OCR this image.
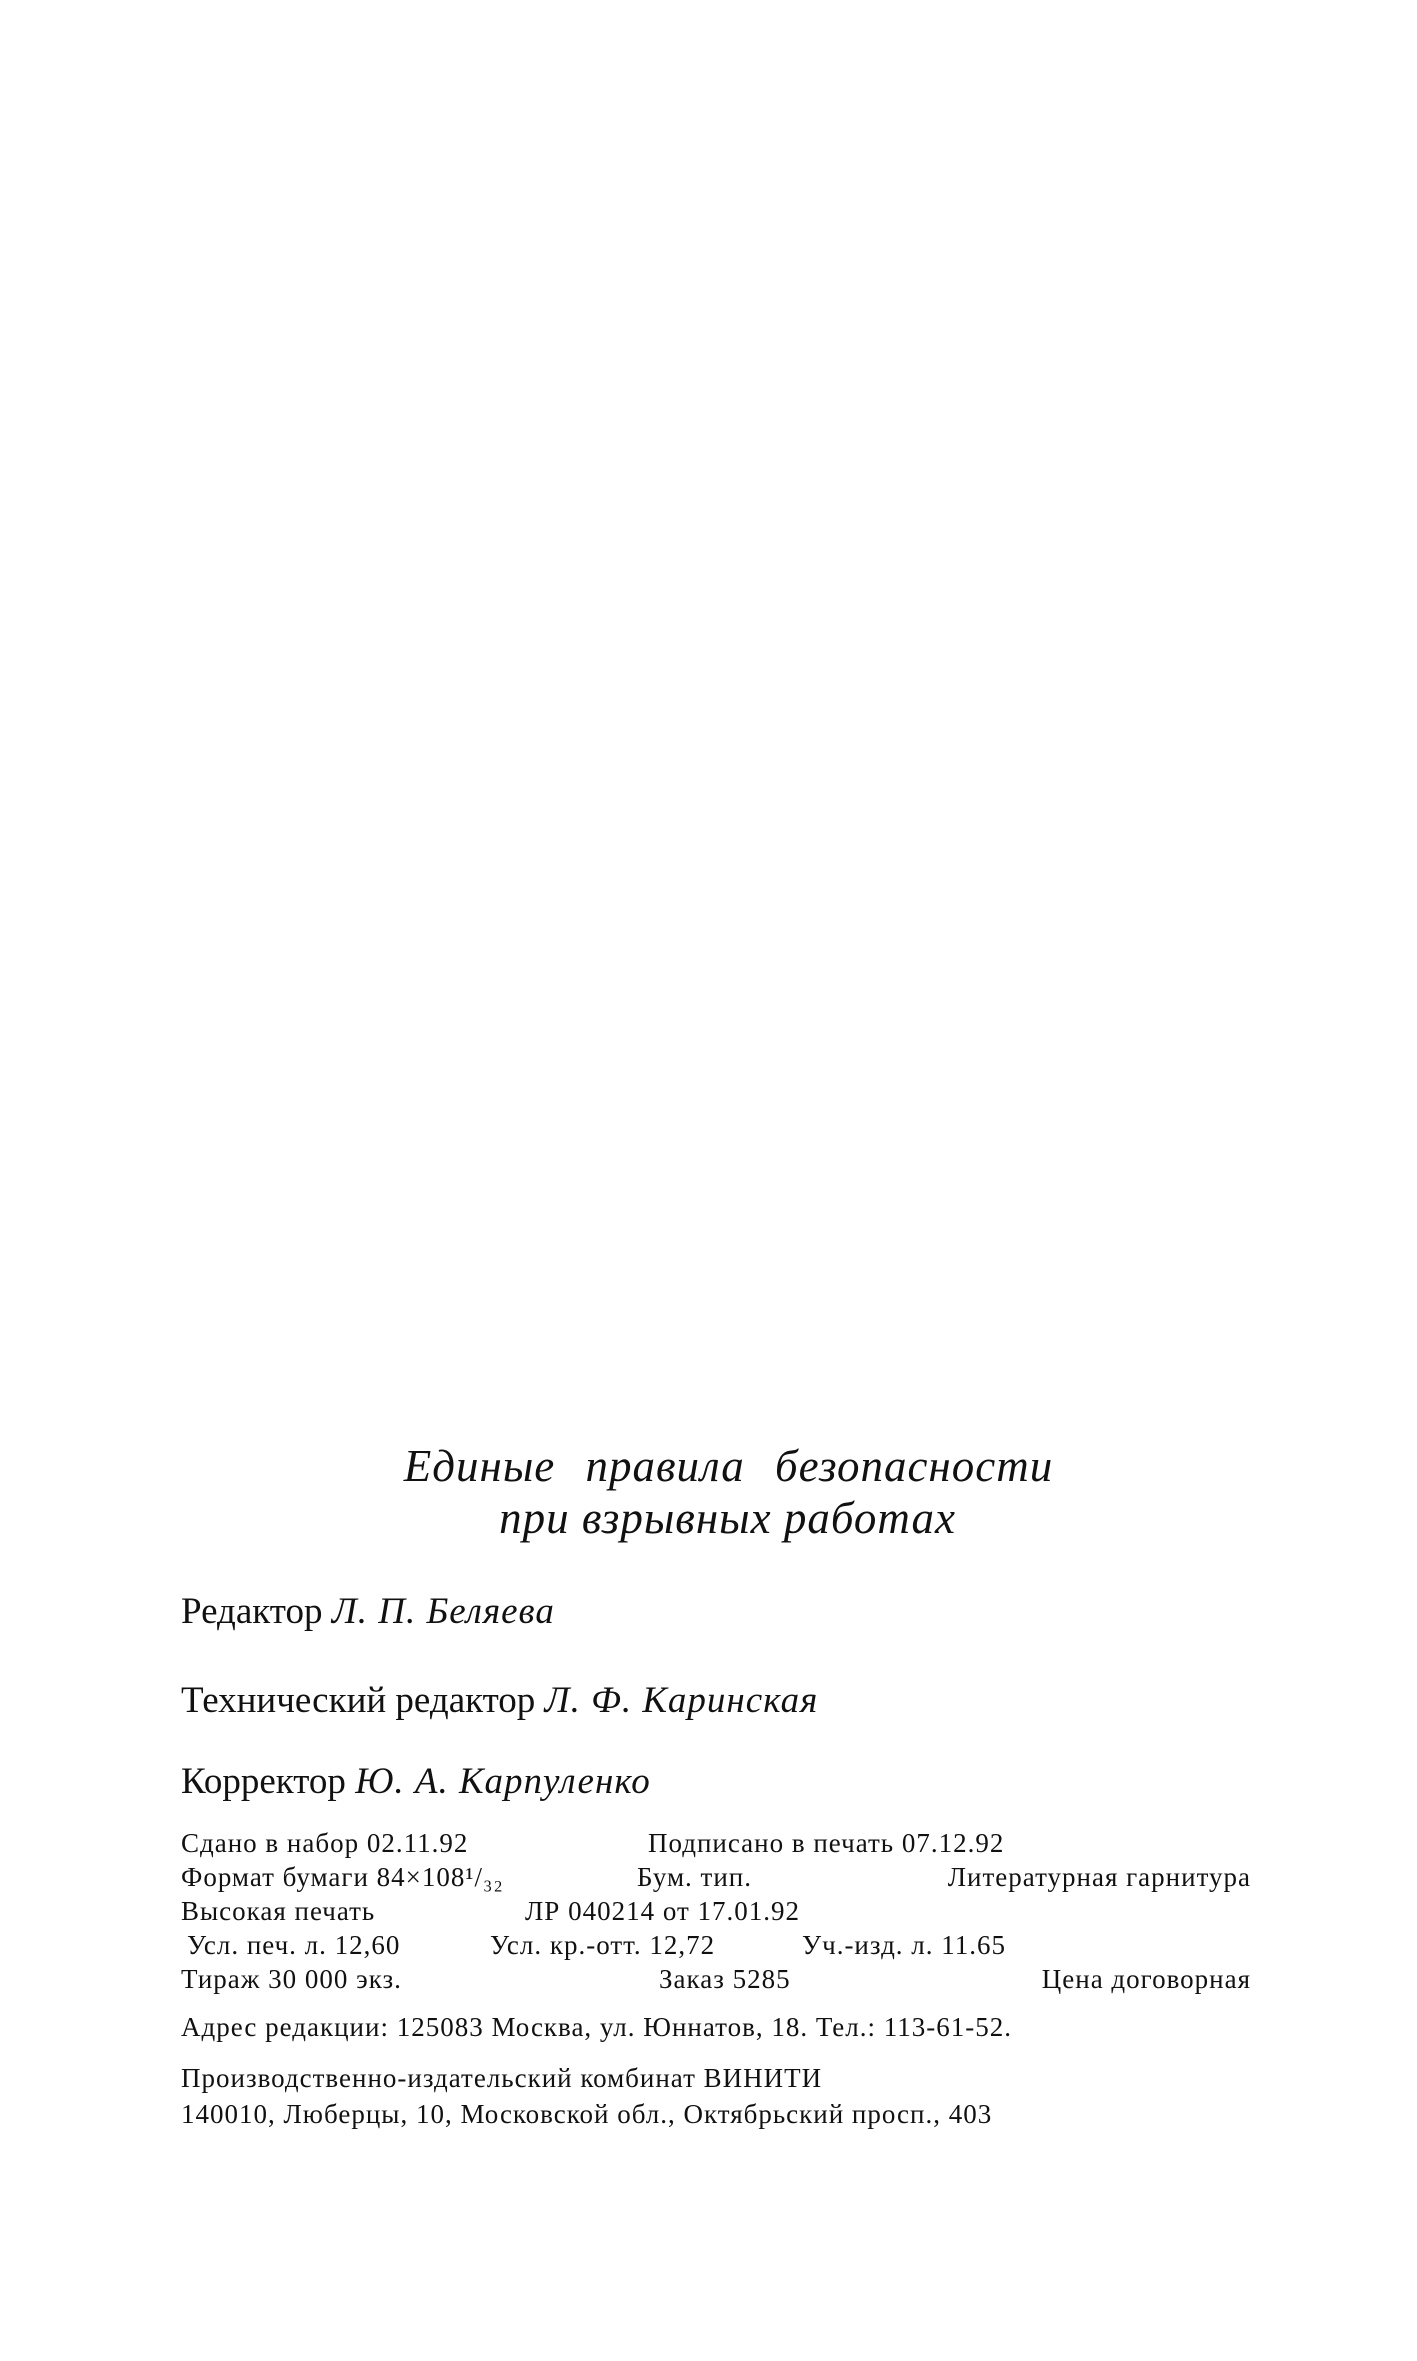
Единые правила безопасности
при взрывных работах
Редактор Л. П. Беляева
Технический редактор Л. Ф. Каринская
Корректор Ю. А. Карпуленко
Сдано в набор 02.11.92	Подписано в печать 07.12.92
Формат бумаги 84×108¹/₃₂	Бум. тип.	Литературная гарнитура
Высокая печать	ЛР 040214 от 17.01.92
Усл. печ. л. 12,60	Усл. кр.-отт. 12,72	Уч.-изд. л. 11.65
Тираж 30 000 экз.	Заказ 5285	Цена договорная
Адрес редакции: 125083 Москва, ул. Юннатов, 18. Тел.: 113-61-52.
Производственно-издательский комбинат ВИНИТИ
140010, Люберцы, 10, Московской обл., Октябрьский просп., 403
